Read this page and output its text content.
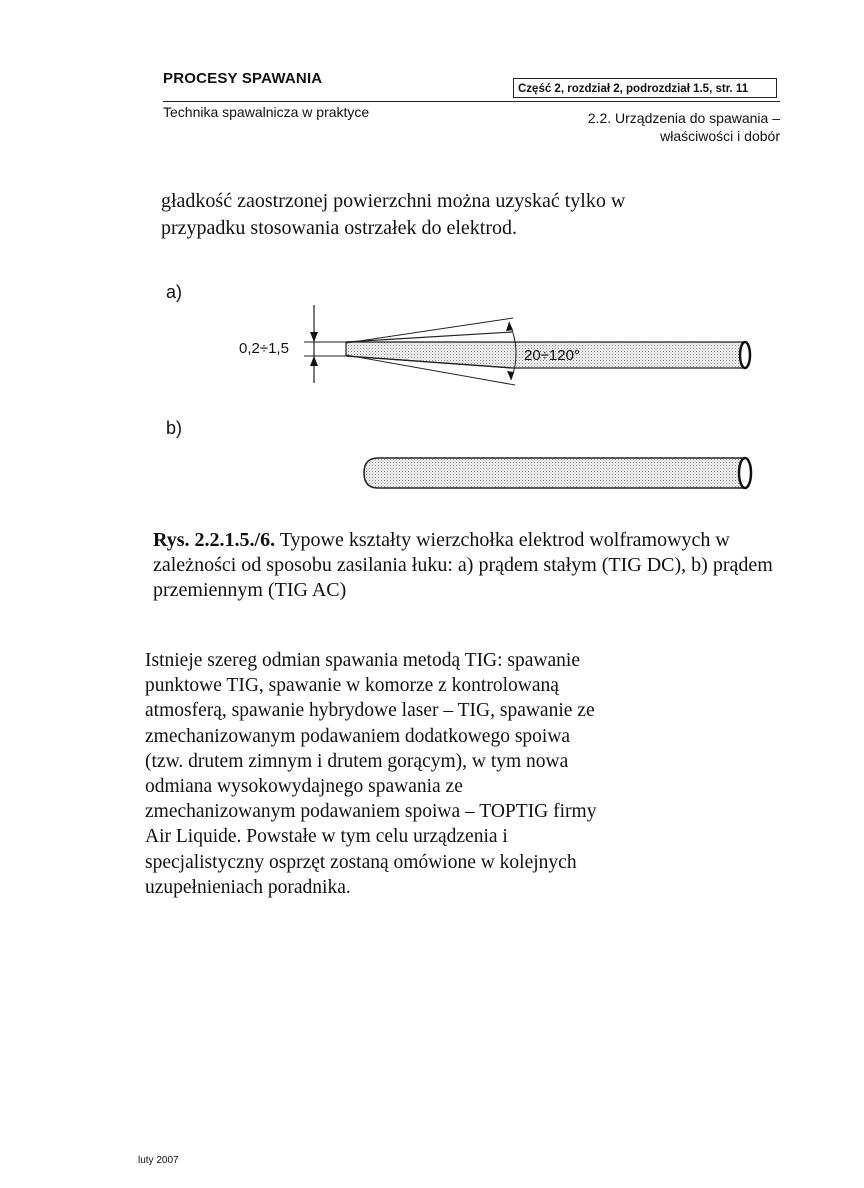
PROCESY SPAWANIA
Część 2, rozdział 2, podrozdział 1.5, str. 11
Technika spawalnicza w praktyce	2.2. Urządzenia do spawania –
właściwości i dobór
gładkość zaostrzonej powierzchni można uzyskać tylko w przypadku stosowania ostrzałek do elektrod.
a)
b)
0,2÷1,5	20÷120°
Rys. 2.2.1.5./6. Typowe kształty wierzchołka elektrod wolframowych w zależności od sposobu zasilania łuku: a) prądem stałym (TIG DC), b) prądem przemiennym (TIG AC)
Istnieje szereg odmian spawania metodą TIG: spawanie punktowe TIG, spawanie w komorze z kontrolowaną atmosferą, spawanie hybrydowe laser – TIG, spawanie ze zmechanizowanym podawaniem dodatkowego spoiwa (tzw. drutem zimnym i drutem gorącym), w tym nowa odmiana wysokowydajnego spawania ze zmechanizowanym podawaniem spoiwa – TOPTIG firmy Air Liquide. Powstałe w tym celu urządzenia i specjalistyczny osprzęt zostaną omówione w kolejnych uzupełnieniach poradnika.
luty 2007
